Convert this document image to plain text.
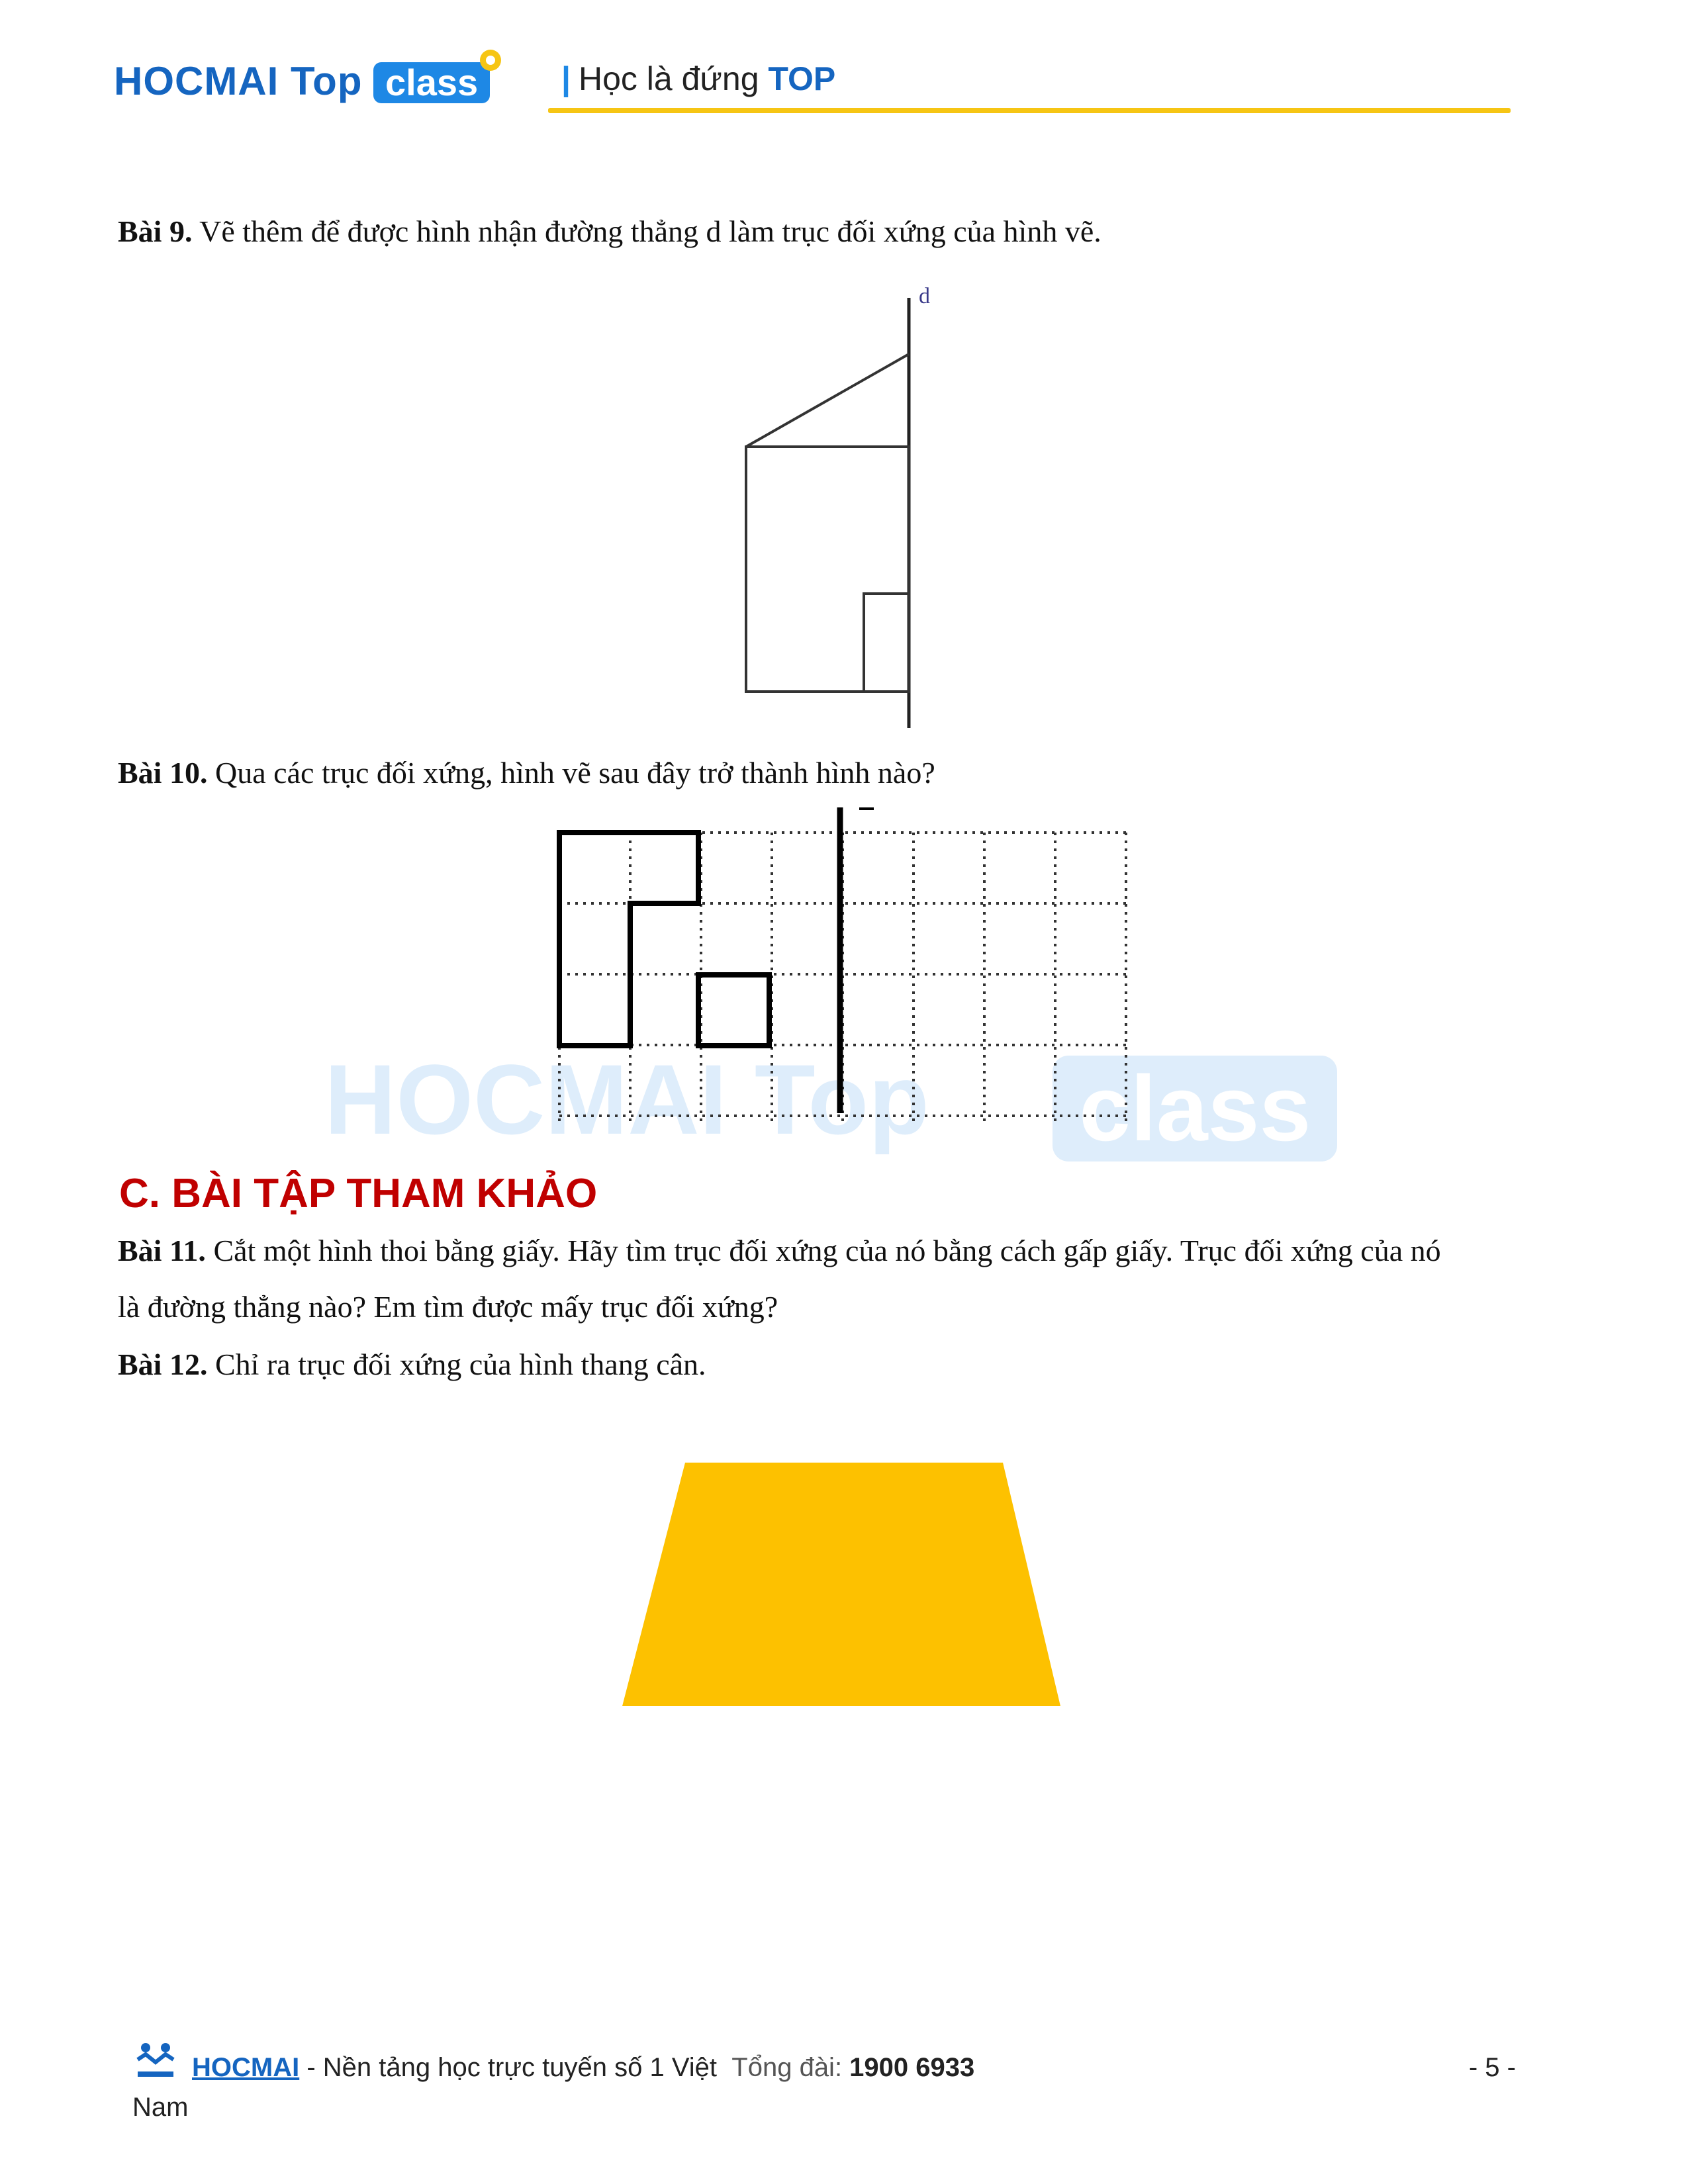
HOCMAI Top class	| Học là đứng TOP
Bài 9. Vẽ thêm để được hình nhận đường thẳng d làm trục đối xứng của hình vẽ.
d
Bài 10. Qua các trục đối xứng, hình vẽ sau đây trở thành hình nào?
HOCMAI Top class
C. BÀI TẬP THAM KHẢO
Bài 11. Cắt một hình thoi bằng giấy. Hãy tìm trục đối xứng của nó bằng cách gấp giấy. Trục đối xứng của nó
là đường thẳng nào? Em tìm được mấy trục đối xứng?
Bài 12. Chỉ ra trục đối xứng của hình thang cân.
HOCMAI - Nền tảng học trực tuyến số 1 Việt Tổng đài: 1900 6933	- 5 -
Nam
